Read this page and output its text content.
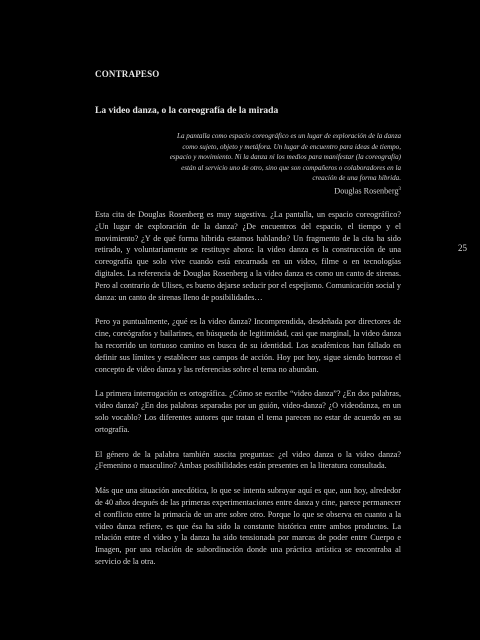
CONTRAPESO
La video danza, o la coreografía de la mirada
La pantalla como espacio coreográfico es un lugar de exploración de la danza como sujeto, objeto y metáfora. Un lugar de encuentro para ideas de tiempo, espacio y movimiento. Ni la danza ni los medios para manifestar (la coreografía) están al servicio uno de otro, sino que son compañeros o colaboradores en la creación de una forma híbrida.
Douglas Rosenberg$^3$

Esta cita de Douglas Rosenberg es muy sugestiva. ¿La pantalla, un espacio coreográfico? ¿Un lugar de exploración de la danza? ¿De encuentros del espacio, el tiempo y el movimiento? ¿Y de qué forma híbrida estamos hablando? Un fragmento de la cita ha sido retirado, y voluntariamente se restituye ahora: la video danza es la construcción de una coreografía que solo vive cuando está encarnada en un video, filme o en tecnologías digitales. La referencia de Douglas Rosenberg a la video danza es como un canto de sirenas. Pero al contrario de Ulises, es bueno dejarse seducir por el espejismo. Comunicación social y danza: un canto de sirenas lleno de posibilidades…

Pero ya puntualmente, ¿qué es la video danza? Incomprendida, desdeñada por directores de cine, coreógrafos y bailarines, en búsqueda de legitimidad, casi que marginal, la video danza ha recorrido un tortuoso camino en busca de su identidad. Los académicos han fallado en definir sus límites y establecer sus campos de acción. Hoy por hoy, sigue siendo borroso el concepto de video danza y las referencias sobre el tema no abundan.

La primera interrogación es ortográfica. ¿Cómo se escribe “video danza”? ¿En dos palabras, video danza? ¿En dos palabras separadas por un guión, video-danza? ¿O videodanza, en un solo vocablo? Los diferentes autores que tratan el tema parecen no estar de acuerdo en su ortografía.

El género de la palabra también suscita preguntas: ¿el video danza o la video danza? ¿Femenino o masculino? Ambas posibilidades están presentes en la literatura consultada.

Más que una situación anecdótica, lo que se intenta subrayar aquí es que, aun hoy, alrededor de 40 años después de las primeras experimentaciones entre danza y cine, parece permanecer el conflicto entre la primacía de un arte sobre otro. Porque lo que se observa en cuanto a la video danza refiere, es que ésa ha sido la constante histórica entre ambos productos. La relación entre el video y la danza ha sido tensionada por marcas de poder entre Cuerpo e Imagen, por una relación de subordinación donde una práctica artística se encontraba al servicio de la otra.

25
